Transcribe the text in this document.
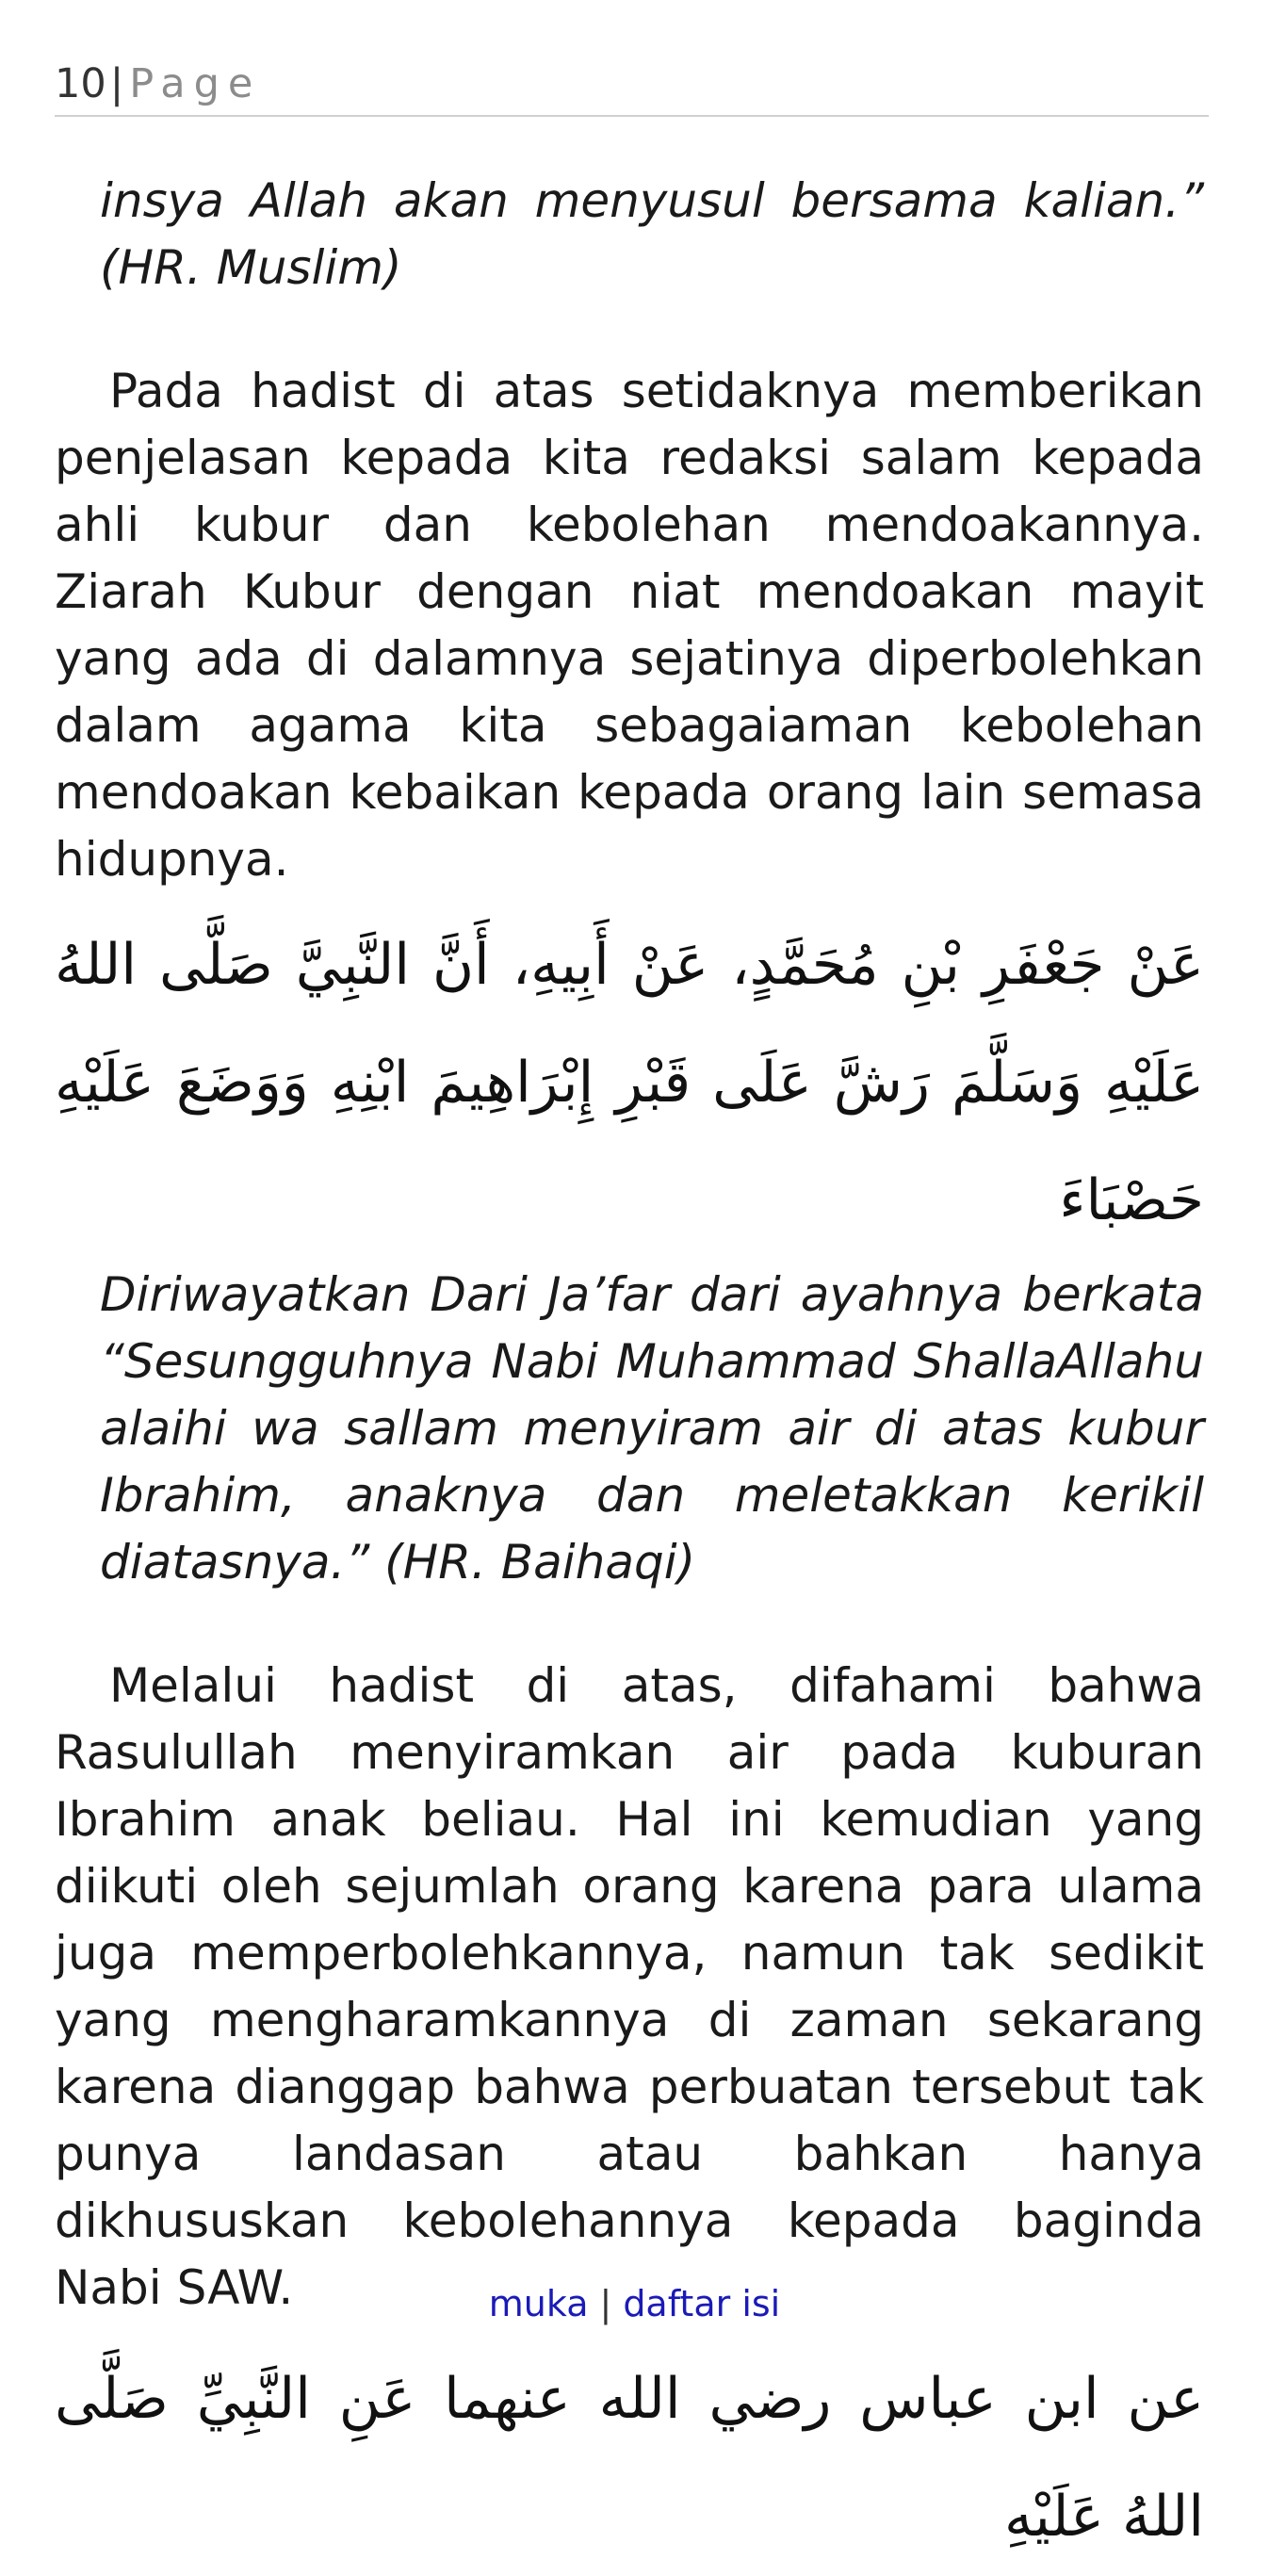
10| Page

insya Allah akan menyusul bersama kalian.” (HR. Muslim)

Pada hadist di atas setidaknya memberikan penjelasan kepada kita redaksi salam kepada ahli kubur dan kebolehan mendoakannya. Ziarah Kubur dengan niat mendoakan mayit yang ada di dalamnya sejatinya diperbolehkan dalam agama kita sebagaiaman kebolehan mendoakan kebaikan kepada orang lain semasa hidupnya.

عَنْ جَعْفَرِ بْنِ مُحَمَّدٍ، عَنْ أَبِيهِ، أَنَّ النَّبِيَّ صَلَّى اللهُ عَلَيْهِ وَسَلَّمَ رَشَّ عَلَى قَبْرِ إِبْرَاهِيمَ ابْنِهِ وَوَضَعَ عَلَيْهِ حَصْبَاءَ

Diriwayatkan Dari Ja’far dari ayahnya berkata “Sesungguhnya Nabi Muhammad ShallaAllahu alaihi wa sallam menyiram air di atas kubur Ibrahim, anaknya dan meletakkan kerikil diatasnya.” (HR. Baihaqi)

Melalui hadist di atas, difahami bahwa Rasulullah menyiramkan air pada kuburan Ibrahim anak beliau. Hal ini kemudian yang diikuti oleh sejumlah orang karena para ulama juga memperbolehkannya, namun tak sedikit yang mengharamkannya di zaman sekarang karena dianggap bahwa perbuatan tersebut tak punya landasan atau bahkan hanya dikhususkan kebolehannya kepada baginda Nabi SAW.

عن ابن عباس رضي الله عنهما عَنِ النَّبِيِّ صَلَّى اللهُ عَلَيْهِ

muka | daftar isi
